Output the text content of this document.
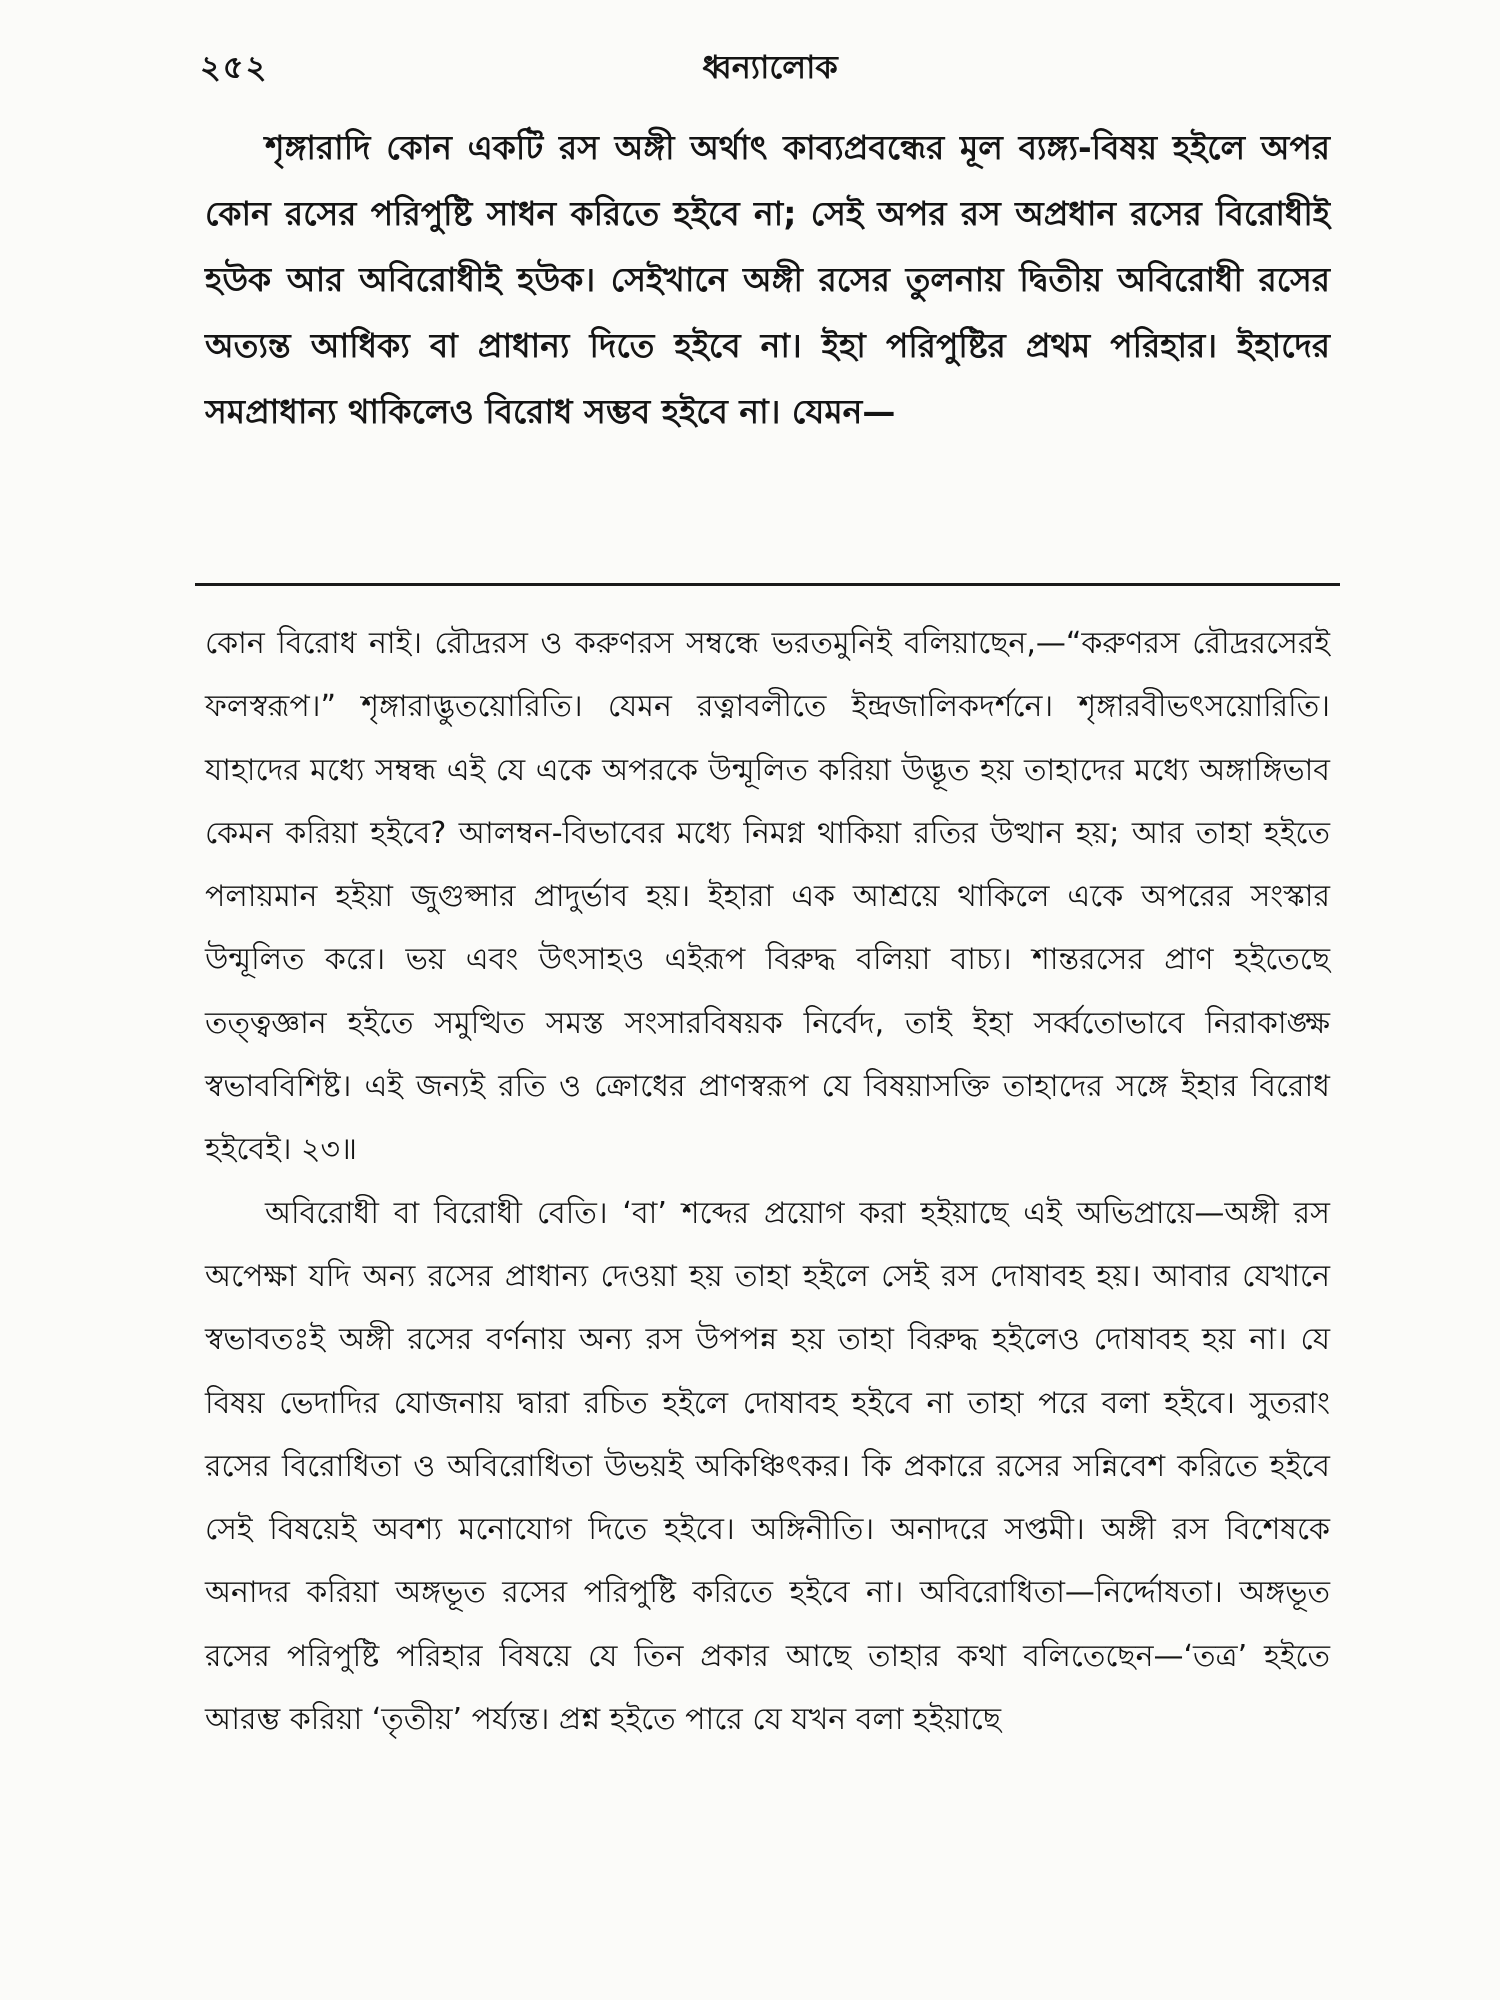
২৫২	ধ্বন্যালোক

শৃঙ্গারাদি কোন একটি রস অঙ্গী অর্থাৎ কাব্যপ্রবন্ধের মূল ব্যঙ্গ্য-বিষয় হইলে অপর কোন রসের পরিপুষ্টি সাধন করিতে হইবে না; সেই অপর রস অপ্রধান রসের বিরোধীই হউক আর অবিরোধীই হউক। সেইখানে অঙ্গী রসের তুলনায় দ্বিতীয় অবিরোধী রসের অত্যন্ত আধিক্য বা প্রাধান্য দিতে হইবে না। ইহা পরিপুষ্টির প্রথম পরিহার। ইহাদের সমপ্রাধান্য থাকিলেও বিরোধ সম্ভব হইবে না। যেমন—

কোন বিরোধ নাই। রৌদ্ররস ও করুণরস সম্বন্ধে ভরতমুনিই বলিয়াছেন,—“করুণরস রৌদ্ররসেরই ফলস্বরূপ।” শৃঙ্গারাদ্ভুতয়োরিতি। যেমন রত্নাবলীতে ইন্দ্রজালিকদর্শনে। শৃঙ্গারবীভৎসয়োরিতি। যাহাদের মধ্যে সম্বন্ধ এই যে একে অপরকে উন্মূলিত করিয়া উদ্ভূত হয় তাহাদের মধ্যে অঙ্গাঙ্গিভাব কেমন করিয়া হইবে? আলম্বন-বিভাবের মধ্যে নিমগ্ন থাকিয়া রতির উত্থান হয়; আর তাহা হইতে পলায়মান হইয়া জুগুপ্সার প্রাদুর্ভাব হয়। ইহারা এক আশ্রয়ে থাকিলে একে অপরের সংস্কার উন্মূলিত করে। ভয় এবং উৎসাহও এইরূপ বিরুদ্ধ বলিয়া বাচ্য। শান্তরসের প্রাণ হইতেছে তত্ত্বজ্ঞান হইতে সমুত্থিত সমস্ত সংসারবিষয়ক নির্বেদ, তাই ইহা সর্ব্বতোভাবে নিরাকাঙ্ক্ষ স্বভাববিশিষ্ট। এই জন্যই রতি ও ক্রোধের প্রাণস্বরূপ যে বিষয়াসক্তি তাহাদের সঙ্গে ইহার বিরোধ হইবেই। ২৩॥

অবিরোধী বা বিরোধী বেতি। ‘বা’ শব্দের প্রয়োগ করা হইয়াছে এই অভিপ্রায়ে—অঙ্গী রস অপেক্ষা যদি অন্য রসের প্রাধান্য দেওয়া হয় তাহা হইলে সেই রস দোষাবহ হয়। আবার যেখানে স্বভাবতঃই অঙ্গী রসের বর্ণনায় অন্য রস উপপন্ন হয় তাহা বিরুদ্ধ হইলেও দোষাবহ হয় না। যে বিষয় ভেদাদির যোজনায় দ্বারা রচিত হইলে দোষাবহ হইবে না তাহা পরে বলা হইবে। সুতরাং রসের বিরোধিতা ও অবিরোধিতা উভয়ই অকিঞ্চিৎকর। কি প্রকারে রসের সন্নিবেশ করিতে হইবে সেই বিষয়েই অবশ্য মনোযোগ দিতে হইবে। অঙ্গিনীতি। অনাদরে সপ্তমী। অঙ্গী রস বিশেষকে অনাদর করিয়া অঙ্গভূত রসের পরিপুষ্টি করিতে হইবে না। অবিরোধিতা—নির্দ্দোষতা। অঙ্গভূত রসের পরিপুষ্টি পরিহার বিষয়ে যে তিন প্রকার আছে তাহার কথা বলিতেছেন—‘তত্র’ হইতে আরম্ভ করিয়া ‘তৃতীয়’ পর্য্যন্ত। প্রশ্ন হইতে পারে যে যখন বলা হইয়াছে
